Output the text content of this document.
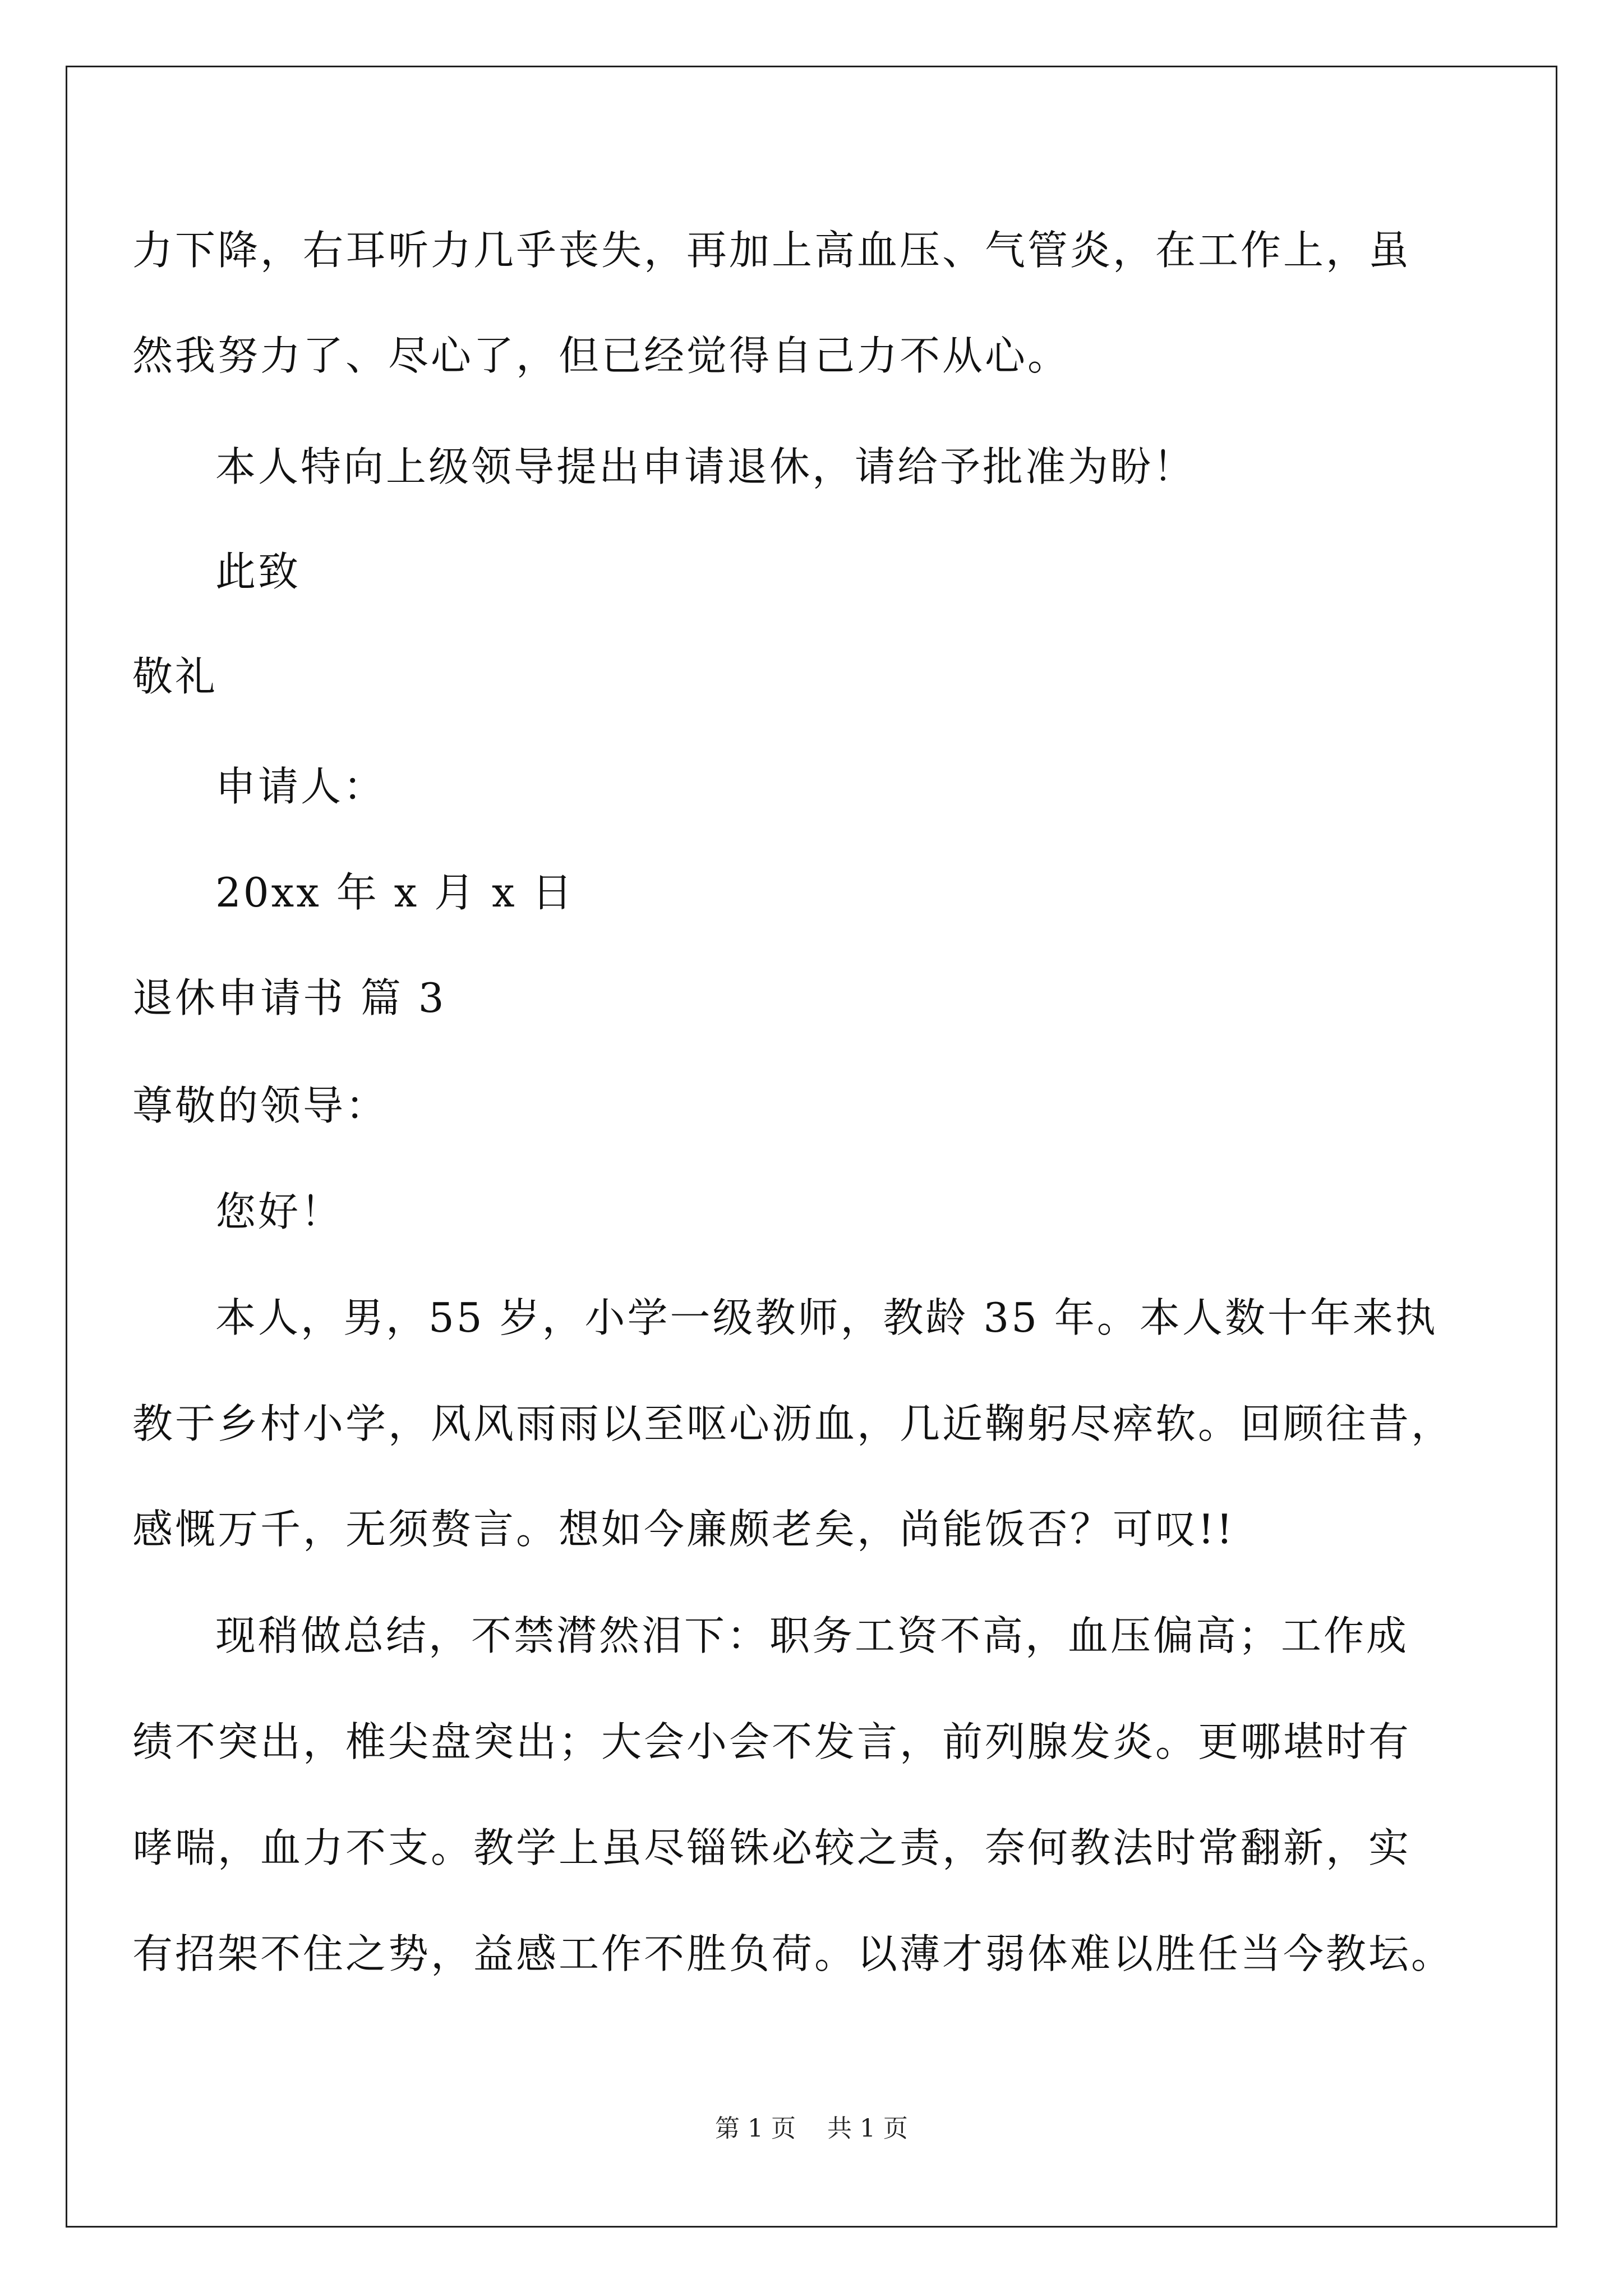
力下降，右耳听力几乎丧失，再加上高血压、气管炎，在工作上，虽
然我努力了、尽心了，但已经觉得自己力不从心。
本人特向上级领导提出申请退休，请给予批准为盼！
此致
敬礼
申请人：
20xx 年 x 月 x 日
退休申请书 篇 3
尊敬的领导：
您好！
本人，男，55 岁，小学一级教师，教龄 35 年。本人数十年来执
教于乡村小学，风风雨雨以至呕心沥血，几近鞠躬尽瘁软。回顾往昔，
感慨万千，无须赘言。想如今廉颇老矣，尚能饭否？可叹!!
现稍做总结，不禁潸然泪下：职务工资不高，血压偏高；工作成
绩不突出，椎尖盘突出；大会小会不发言，前列腺发炎。更哪堪时有
哮喘，血力不支。教学上虽尽锱铢必较之责，奈何教法时常翻新，实
有招架不住之势，益感工作不胜负荷。以薄才弱体难以胜任当今教坛。
第 1 页    共 1 页
